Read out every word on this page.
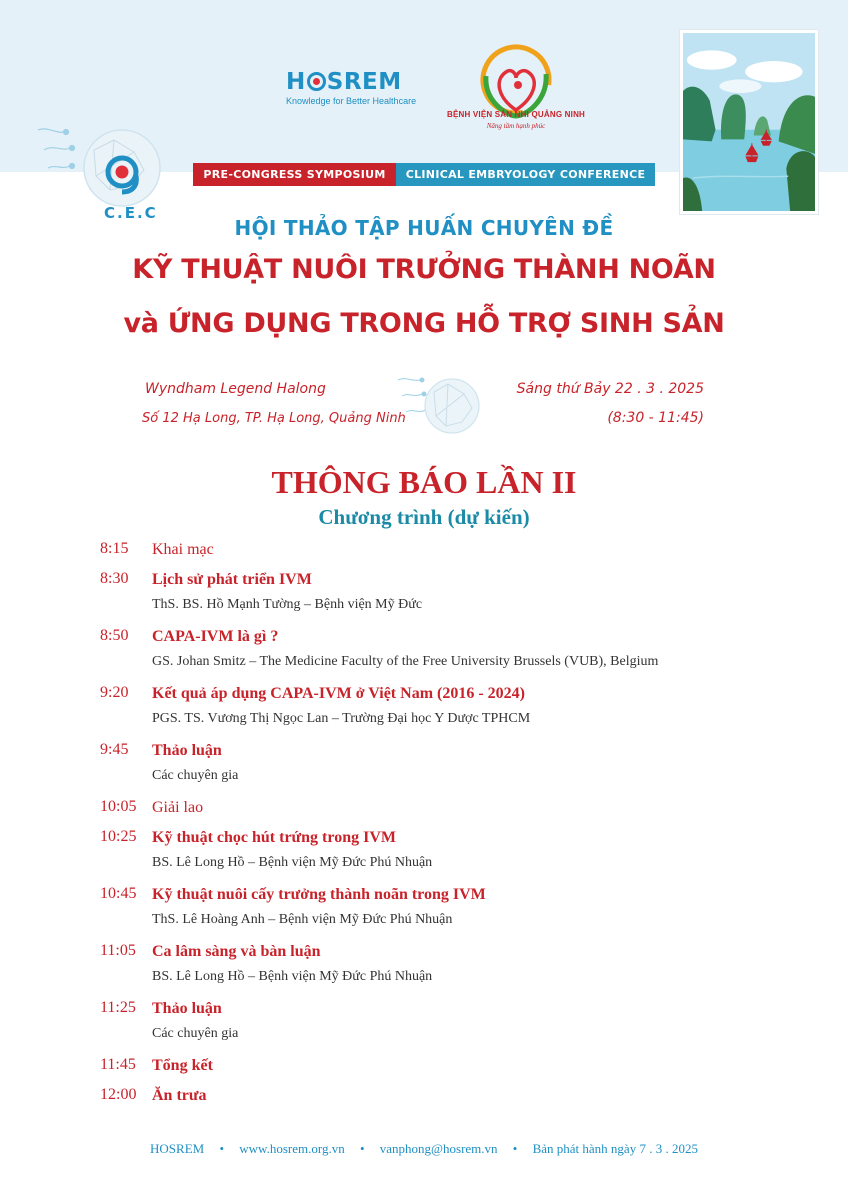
H SREM
Knowledge for Better Healthcare
BỆNH VIỆN SẢN NHI QUẢNG NINH
Nâng tầm hạnh phúc
C.E.C
PRE-CONGRESS SYMPOSIUM	CLINICAL EMBRYOLOGY CONFERENCE
HỘI THẢO TẬP HUẤN CHUYÊN ĐỀ
KỸ THUẬT NUÔI TRƯỞNG THÀNH NOÃN
và ỨNG DỤNG TRONG HỖ TRỢ SINH SẢN
Wyndham Legend Halong
Số 12 Hạ Long, TP. Hạ Long, Quảng Ninh
Sáng thứ Bảy 22 . 3 . 2025
(8:30 - 11:45)
THÔNG BÁO LẦN II
Chương trình (dự kiến)
8:15 Khai mạc
8:30 Lịch sử phát triển IVM
ThS. BS. Hồ Mạnh Tường – Bệnh viện Mỹ Đức
8:50 CAPA-IVM là gì ?
GS. Johan Smitz – The Medicine Faculty of the Free University Brussels (VUB), Belgium
9:20 Kết quả áp dụng CAPA-IVM ở Việt Nam (2016 - 2024)
PGS. TS. Vương Thị Ngọc Lan – Trường Đại học Y Dược TPHCM
9:45 Thảo luận
Các chuyên gia
10:05 Giải lao
10:25 Kỹ thuật chọc hút trứng trong IVM
BS. Lê Long Hồ – Bệnh viện Mỹ Đức Phú Nhuận
10:45 Kỹ thuật nuôi cấy trưởng thành noãn trong IVM
ThS. Lê Hoàng Anh – Bệnh viện Mỹ Đức Phú Nhuận
11:05 Ca lâm sàng và bàn luận
BS. Lê Long Hồ – Bệnh viện Mỹ Đức Phú Nhuận
11:25 Thảo luận
Các chuyên gia
11:45 Tổng kết
12:00 Ăn trưa
HOSREM • www.hosrem.org.vn • vanphong@hosrem.vn • Bản phát hành ngày 7 . 3 . 2025
